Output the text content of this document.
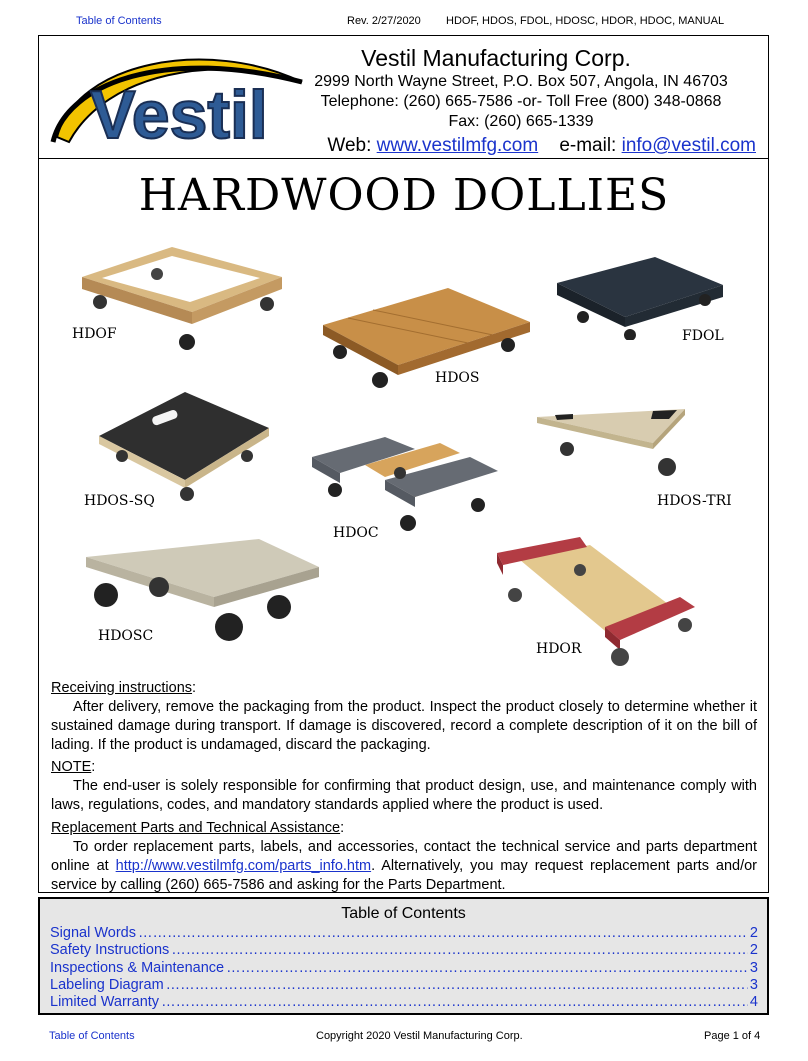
Table of Contents	Rev. 2/27/2020 HDOF, HDOS, FDOL, HDOSC, HDOR, HDOC, MANUAL
Vestil
Vestil Manufacturing Corp.
2999 North Wayne Street, P.O. Box 507, Angola, IN 46703
Telephone: (260) 665-7586 -or- Toll Free (800) 348-0868
Fax: (260) 665-1339
Web: www.vestilmfg.com e-mail: info@vestil.com
HARDWOOD DOLLIES
HDOF
HDOS
FDOL
HDOS-SQ
HDOC
HDOS-TRI
HDOSC
HDOR
Receiving instructions:

After delivery, remove the packaging from the product. Inspect the product closely to determine whether it sustained damage during transport. If damage is discovered, record a complete description of it on the bill of lading. If the product is undamaged, discard the packaging.

NOTE:

The end-user is solely responsible for confirming that product design, use, and maintenance comply with laws, regulations, codes, and mandatory standards applied where the product is used.

Replacement Parts and Technical Assistance:

To order replacement parts, labels, and accessories, contact the technical service and parts department online at http://www.vestilmfg.com/parts_info.htm. Alternatively, you may request replacement parts and/or service by calling (260) 665-7586 and asking for the Parts Department.

Table of Contents
Signal Words ……………………………………………………………………………………………………………………………………………………………………	2
Safety Instructions ……………………………………………………………………………………………………………………………………………………………………	2
Inspections & Maintenance ……………………………………………………………………………………………………………………………………………………………………	3
Labeling Diagram ……………………………………………………………………………………………………………………………………………………………………	3
Limited Warranty ……………………………………………………………………………………………………………………………………………………………………	4
Table of Contents	Copyright 2020 Vestil Manufacturing Corp.	Page 1 of 4
